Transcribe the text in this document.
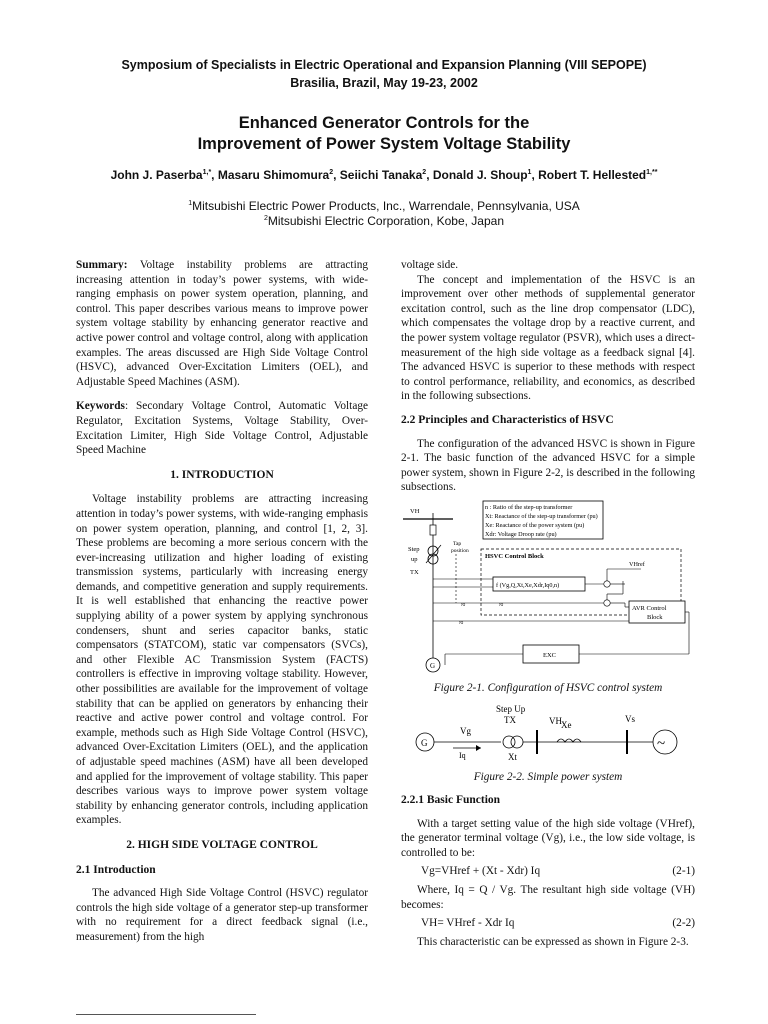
Symposium of Specialists in Electric Operational and Expansion Planning (VIII SEPOPE)
Brasilia, Brazil, May 19-23, 2002
Enhanced Generator Controls for the
Improvement of Power System Voltage Stability
John J. Paserba$^{1,*}$, Masaru Shimomura$^2$, Seiichi Tanaka$^2$, Donald J. Shoup$^1$, Robert T. Hellested$^{1,**}$
$^1$Mitsubishi Electric Power Products, Inc., Warrendale, Pennsylvania, USA
$^2$Mitsubishi Electric Corporation, Kobe, Japan

Summary: Voltage instability problems are attracting increasing attention in today’s power systems, with wide-ranging emphasis on power system operation, planning, and control. This paper describes various means to improve power system voltage stability by enhancing generator reactive and active power control and voltage control, along with application examples. The areas discussed are High Side Voltage Control (HSVC), advanced Over-Excitation Limiters (OEL), and Adjustable Speed Machines (ASM).

Keywords: Secondary Voltage Control, Automatic Voltage Regulator, Excitation Systems, Voltage Stability, Over-Excitation Limiter, High Side Voltage Control, Adjustable Speed Machine

1. INTRODUCTION

Voltage instability problems are attracting increasing attention in today’s power systems, with wide-ranging emphasis on power system operation, planning, and control [1, 2, 3]. These problems are becoming a more serious concern with the ever-increasing utilization and higher loading of existing transmission systems, particularly with increasing energy demands, and competitive generation and supply requirements. It is well established that enhancing the reactive power supplying ability of a power system by applying synchronous condensers, shunt and series capacitor banks, static compensators (STATCOM), static var compensators (SVCs), and other Flexible AC Transmission System (FACTS) controllers is effective in improving voltage stability. However, other possibilities are available for the improvement of voltage stability that can be applied on generators by enhancing their reactive and active power control and voltage control. For example, methods such as High Side Voltage Control (HSVC), advanced Over-Excitation Limiters (OEL), and the application of adjustable speed machines (ASM) have all been developed and applied for the improvement of voltage stability. This paper describes various ways to improve power system voltage stability by enhancing generator controls, including application examples.

2. HIGH SIDE VOLTAGE CONTROL
2.1 Introduction

The advanced High Side Voltage Control (HSVC) regulator controls the high side voltage of a generator step-up transformer with no requirement for a direct feedback signal (i.e., measurement) from the high

voltage side.

The concept and implementation of the HSVC is an improvement over other methods of supplemental generator excitation control, such as the line drop compensator (LDC), which compensates the voltage drop by a reactive current, and the power system voltage regulator (PSVR), which uses a direct-measurement of the high side voltage as a feedback signal [4]. The advanced HSVC is superior to these methods with respect to control performance, reliability, and economics, as described in the following subsections.

2.2 Principles and Characteristics of HSVC

The configuration of the advanced HSVC is shown in Figure 2-1. The basic function of the advanced HSVC for a simple power system, shown in Figure 2-2, is described in the following subsections.

n : Ratio of the step-up transformer
Xt: Reactance of the step-up transformer (pu)
Xe: Reactance of the power system (pu)
Xdr: Voltage Droop rate (pu)
VH
Tap
position
Step
up
TX
HSVC Control Block
VHref
f (Vg,Q,Xt,Xe,Xdr,Iq0,n)
≈	≈	AVR Control
Block
≈
EXC
G
Figure 2-1. Configuration of HSVC control system
G
Vg
Iq
Step Up
TX
Xt
VH Xe
Vs
~
Figure 2-2. Simple power system
2.2.1 Basic Function

With a target setting value of the high side voltage (VHref), the generator terminal voltage (Vg), i.e., the low side voltage, is controlled to be:

Vg=VHref + (Xt - Xdr) Iq	(2-1)

Where, Iq = Q / Vg. The resultant high side voltage (VH) becomes:

VH= VHref - Xdr Iq	(2-2)

This characteristic can be expressed as shown in Figure 2-3.
